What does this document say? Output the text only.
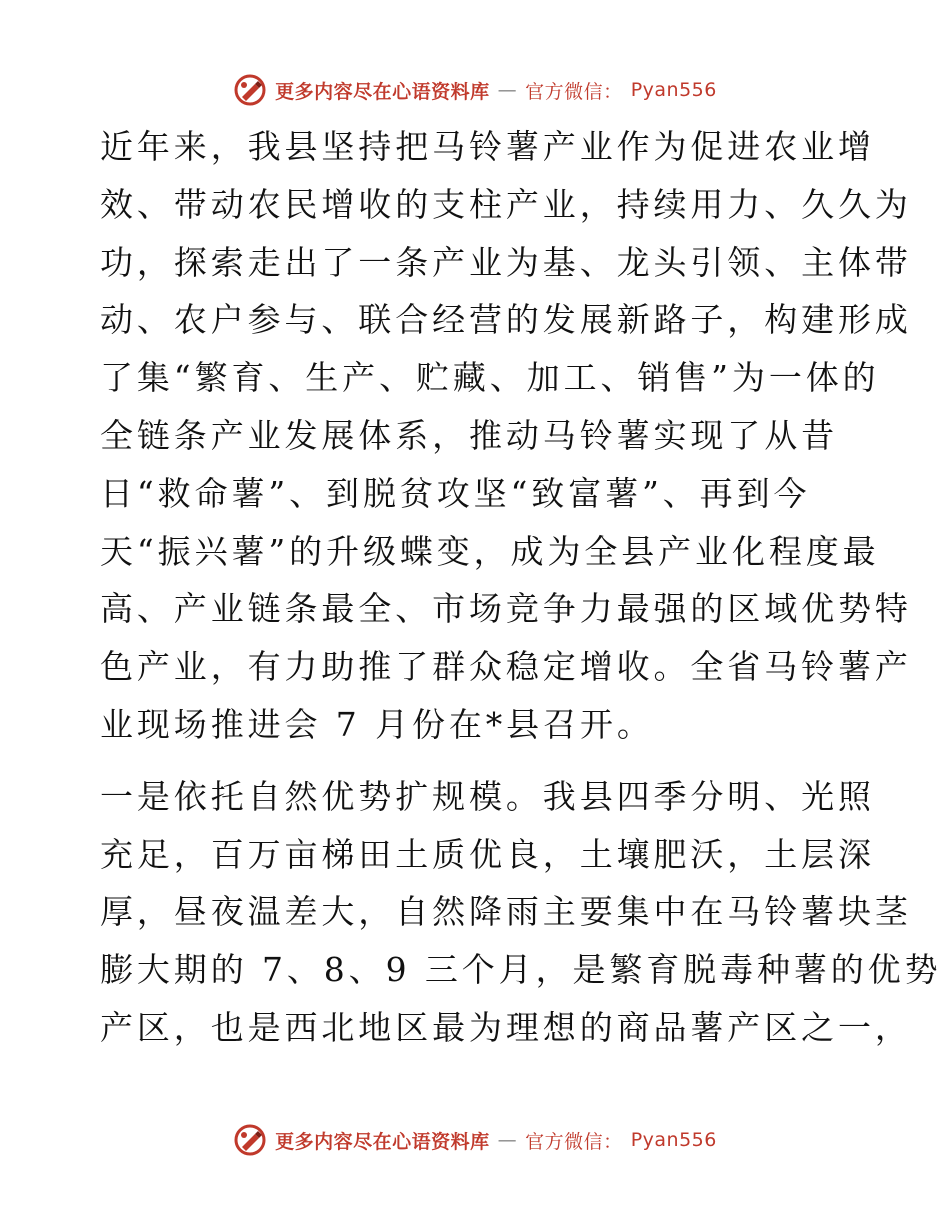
更多内容尽在心语资料库 — 官方微信： Pyan556

近年来，我县坚持把马铃薯产业作为促进农业增
效、带动农民增收的支柱产业，持续用力、久久为
功，探索走出了一条产业为基、龙头引领、主体带
动、农户参与、联合经营的发展新路子，构建形成
了集“繁育、生产、贮藏、加工、销售”为一体的
全链条产业发展体系，推动马铃薯实现了从昔
日“救命薯”、到脱贫攻坚“致富薯”、再到今
天“振兴薯”的升级蝶变，成为全县产业化程度最
高、产业链条最全、市场竞争力最强的区域优势特
色产业，有力助推了群众稳定增收。全省马铃薯产
业现场推进会 7 月份在*县召开。

一是依托自然优势扩规模。我县四季分明、光照
充足，百万亩梯田土质优良，土壤肥沃，土层深
厚，昼夜温差大，自然降雨主要集中在马铃薯块茎
膨大期的 7、8、9 三个月，是繁育脱毒种薯的优势
产区，也是西北地区最为理想的商品薯产区之一，

更多内容尽在心语资料库 — 官方微信： Pyan556
